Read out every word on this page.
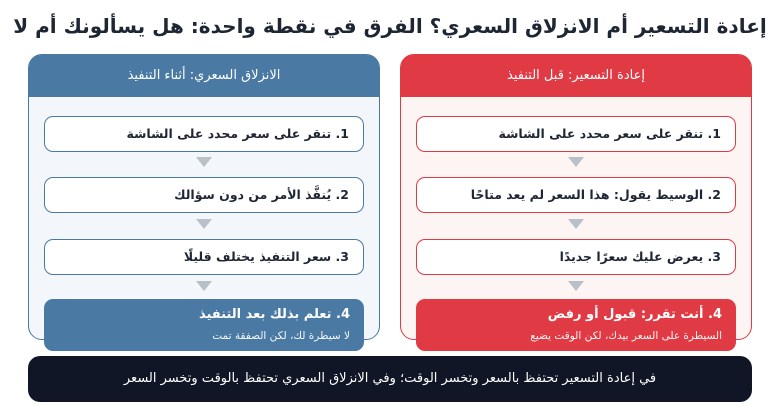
إعادة التسعير أم الانزلاق السعري؟ الفرق في نقطة واحدة: هل يسألونك أم لا
إعادة التسعير: قبل التنفيذ
1. تنقر على سعر محدد على الشاشة
2. الوسيط يقول: هذا السعر لم يعد متاحًا
3. يعرض عليك سعرًا جديدًا
4. أنت تقرر: قبول أو رفض
السيطرة على السعر بيدك، لكن الوقت يضيع
الانزلاق السعري: أثناء التنفيذ
1. تنقر على سعر محدد على الشاشة
2. يُنفَّذ الأمر من دون سؤالك
3. سعر التنفيذ يختلف قليلًا
4. تعلم بذلك بعد التنفيذ
لا سيطرة لك، لكن الصفقة تمت
في إعادة التسعير تحتفظ بالسعر وتخسر الوقت؛ وفي الانزلاق السعري تحتفظ بالوقت وتخسر السعر
